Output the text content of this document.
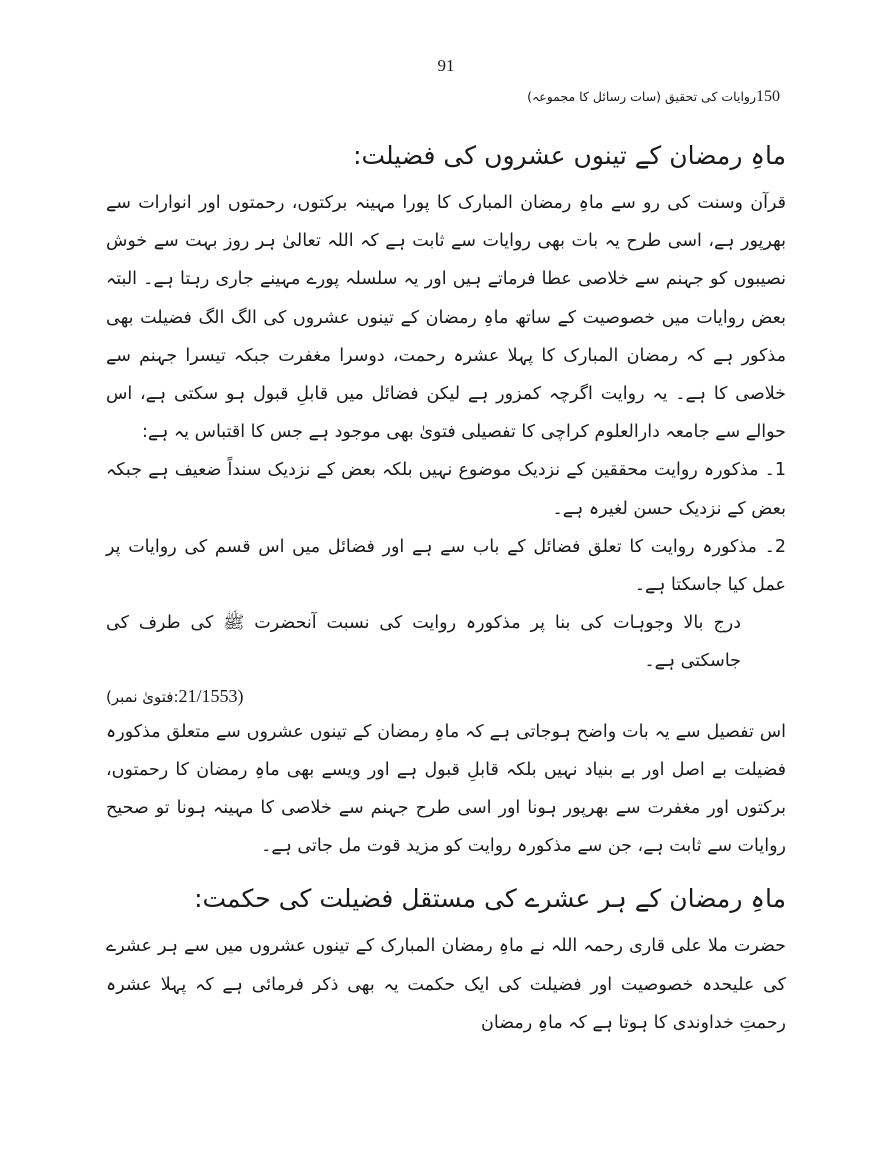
91
150روایات کی تحقیق (سات رسائل کا مجموعہ)
ماہِ رمضان کے تینوں عشروں کی فضیلت:

قرآن وسنت کی رو سے ماہِ رمضان المبارک کا پورا مہینہ برکتوں، رحمتوں اور انوارات سے بھرپور ہے، اسی طرح یہ بات بھی روایات سے ثابت ہے کہ اللہ تعالیٰ ہر روز بہت سے خوش نصیبوں کو جہنم سے خلاصی عطا فرماتے ہیں اور یہ سلسلہ پورے مہینے جاری رہتا ہے۔ البتہ بعض روایات میں خصوصیت کے ساتھ ماہِ رمضان کے تینوں عشروں کی الگ الگ فضیلت بھی مذکور ہے کہ رمضان المبارک کا پہلا عشرہ رحمت، دوسرا مغفرت جبکہ تیسرا جہنم سے خلاصی کا ہے۔ یہ روایت اگرچہ کمزور ہے لیکن فضائل میں قابلِ قبول ہو سکتی ہے، اس حوالے سے جامعہ دارالعلوم کراچی کا تفصیلی فتویٰ بھی موجود ہے جس کا اقتباس یہ ہے:

1۔ مذکورہ روایت محققین کے نزدیک موضوع نہیں بلکہ بعض کے نزدیک سنداً ضعیف ہے جبکہ بعض کے نزدیک حسن لغیرہ ہے۔

2۔ مذکورہ روایت کا تعلق فضائل کے باب سے ہے اور فضائل میں اس قسم کی روایات پر عمل کیا جاسکتا ہے۔

درج بالا وجوہات کی بنا پر مذکورہ روایت کی نسبت آنحضرت ﷺ کی طرف کی جاسکتی ہے۔

(فتویٰ نمبر:21/1553)

اس تفصیل سے یہ بات واضح ہوجاتی ہے کہ ماہِ رمضان کے تینوں عشروں سے متعلق مذکورہ فضیلت بے اصل اور بے بنیاد نہیں بلکہ قابلِ قبول ہے اور ویسے بھی ماہِ رمضان کا رحمتوں، برکتوں اور مغفرت سے بھرپور ہونا اور اسی طرح جہنم سے خلاصی کا مہینہ ہونا تو صحیح روایات سے ثابت ہے، جن سے مذکورہ روایت کو مزید قوت مل جاتی ہے۔

ماہِ رمضان کے ہر عشرے کی مستقل فضیلت کی حکمت:

حضرت ملا علی قاری رحمہ اللہ نے ماہِ رمضان المبارک کے تینوں عشروں میں سے ہر عشرے کی علیحدہ خصوصیت اور فضیلت کی ایک حکمت یہ بھی ذکر فرمائی ہے کہ پہلا عشرہ رحمتِ خداوندی کا ہوتا ہے کہ ماہِ رمضان
